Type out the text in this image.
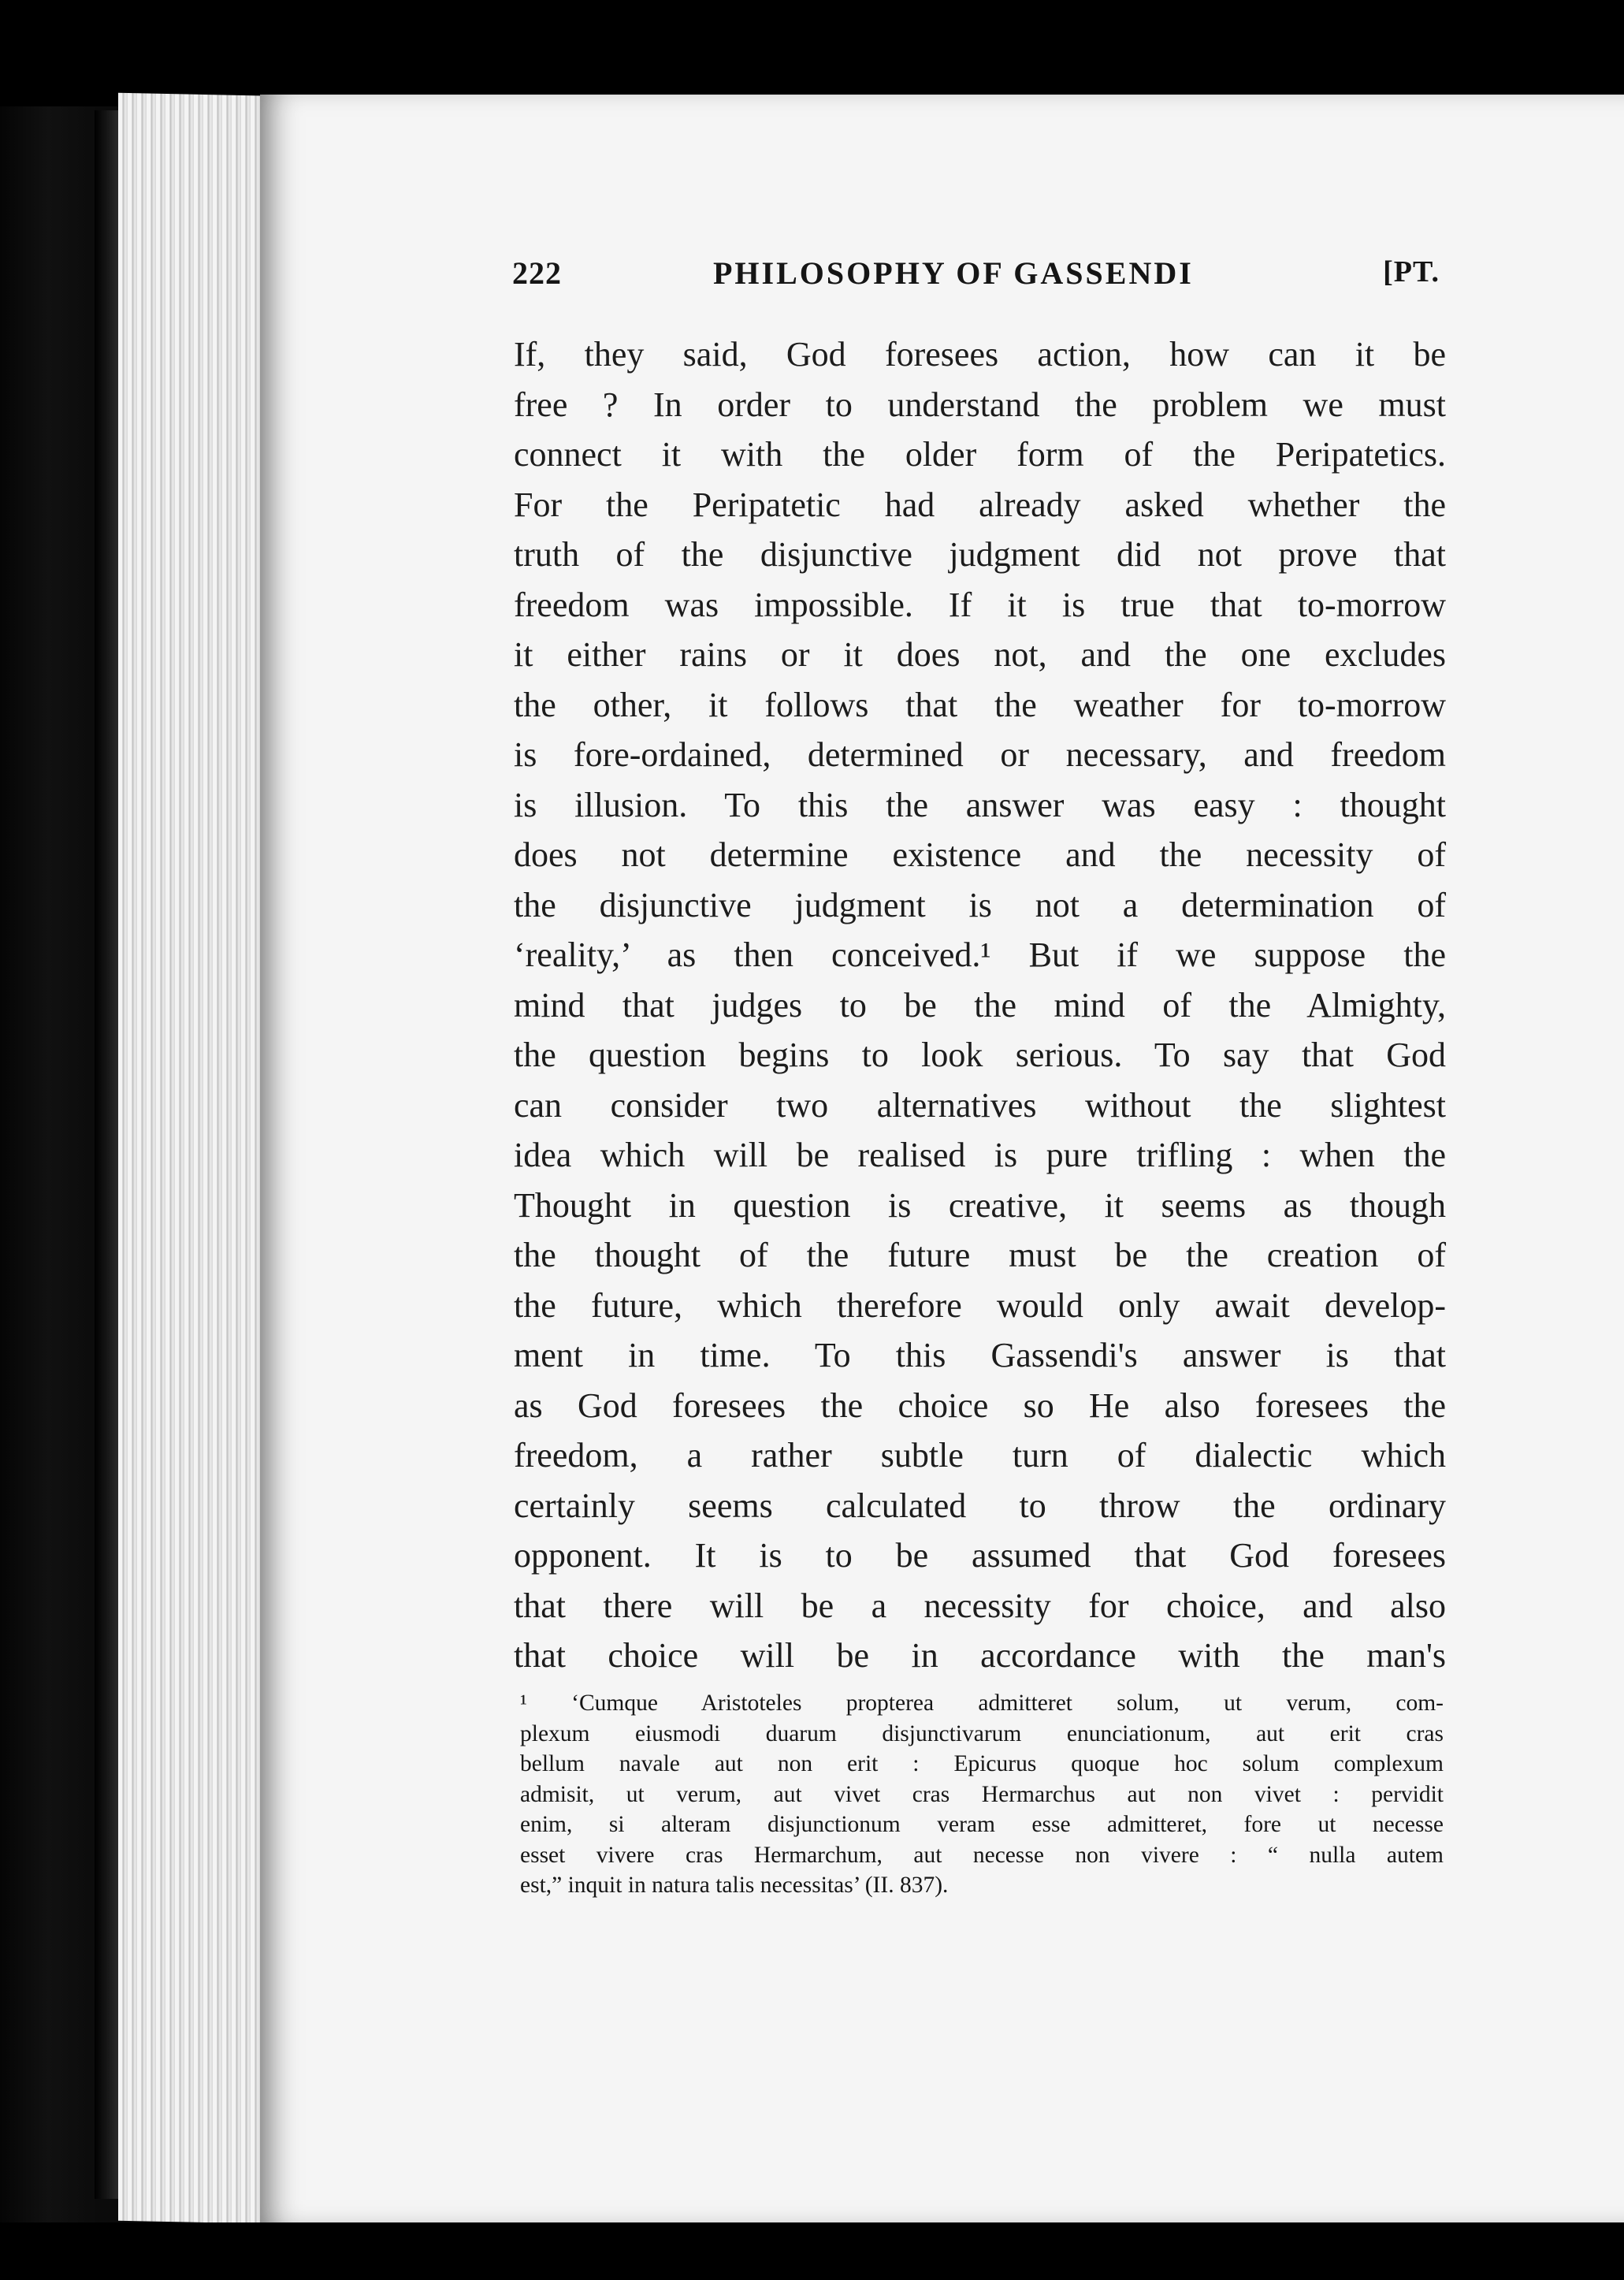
222	PHILOSOPHY OF GASSENDI	[PT.
If, they said, God foresees action, how can it be
free ? In order to understand the problem we must
connect it with the older form of the Peripatetics.
For the Peripatetic had already asked whether the
truth of the disjunctive judgment did not prove that
freedom was impossible. If it is true that to-morrow
it either rains or it does not, and the one excludes
the other, it follows that the weather for to-morrow
is fore-ordained, determined or necessary, and freedom
is illusion. To this the answer was easy : thought
does not determine existence and the necessity of
the disjunctive judgment is not a determination of
‘reality,’ as then conceived.¹ But if we suppose the
mind that judges to be the mind of the Almighty,
the question begins to look serious. To say that God
can consider two alternatives without the slightest
idea which will be realised is pure trifling : when the
Thought in question is creative, it seems as though
the thought of the future must be the creation of
the future, which therefore would only await develop-
ment in time. To this Gassendi's answer is that
as God foresees the choice so He also foresees the
freedom, a rather subtle turn of dialectic which
certainly seems calculated to throw the ordinary
opponent. It is to be assumed that God foresees
that there will be a necessity for choice, and also
that choice will be in accordance with the man's
¹ ‘Cumque Aristoteles propterea admitteret solum, ut verum, com-
plexum eiusmodi duarum disjunctivarum enunciationum, aut erit cras
bellum navale aut non erit : Epicurus quoque hoc solum complexum
admisit, ut verum, aut vivet cras Hermarchus aut non vivet : pervidit
enim, si alteram disjunctionum veram esse admitteret, fore ut necesse
esset vivere cras Hermarchum, aut necesse non vivere : “ nulla autem
est,” inquit in natura talis necessitas’ (II. 837).
